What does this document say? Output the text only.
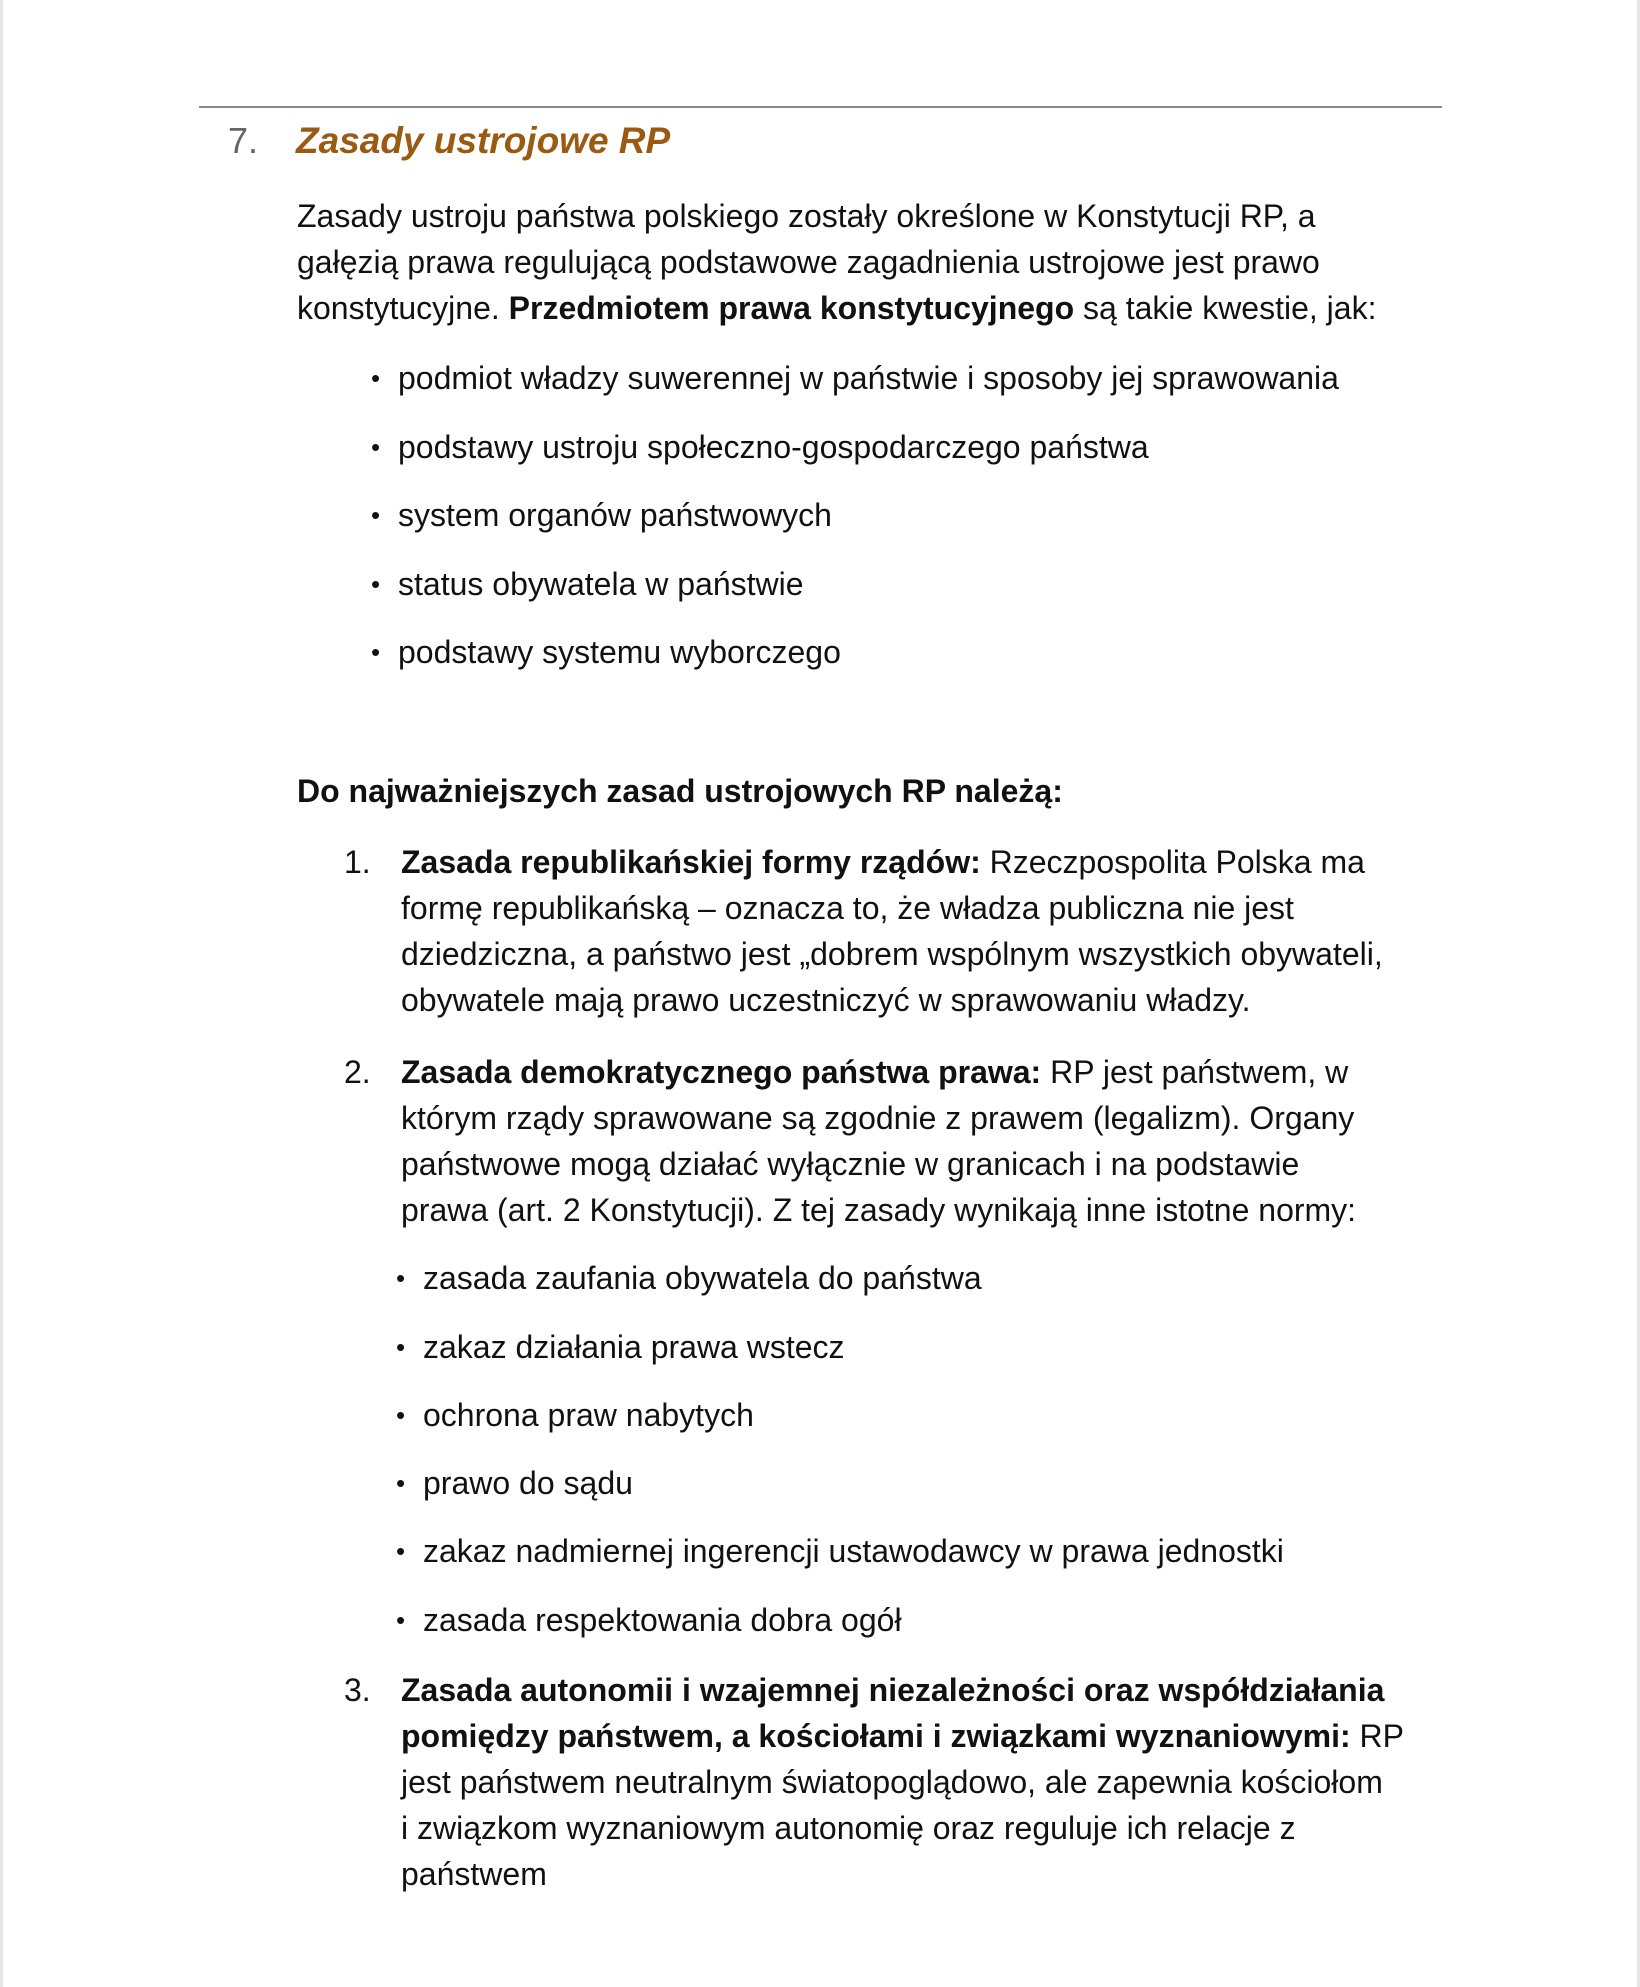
7. Zasady ustrojowe RP
Zasady ustroju państwa polskiego zostały określone w Konstytucji RP, a
gałęzią prawa regulującą podstawowe zagadnienia ustrojowe jest prawo
konstytucyjne. Przedmiotem prawa konstytucyjnego są takie kwestie, jak:
• podmiot władzy suwerennej w państwie i sposoby jej sprawowania
• podstawy ustroju społeczno-gospodarczego państwa
• system organów państwowych
• status obywatela w państwie
• podstawy systemu wyborczego
Do najważniejszych zasad ustrojowych RP należą:
1. Zasada republikańskiej formy rządów: Rzeczpospolita Polska ma
formę republikańską – oznacza to, że władza publiczna nie jest
dziedziczna, a państwo jest „dobrem wspólnym wszystkich obywateli,
obywatele mają prawo uczestniczyć w sprawowaniu władzy.
2. Zasada demokratycznego państwa prawa: RP jest państwem, w
którym rządy sprawowane są zgodnie z prawem (legalizm). Organy
państwowe mogą działać wyłącznie w granicach i na podstawie
prawa (art. 2 Konstytucji). Z tej zasady wynikają inne istotne normy:
• zasada zaufania obywatela do państwa
• zakaz działania prawa wstecz
• ochrona praw nabytych
• prawo do sądu
• zakaz nadmiernej ingerencji ustawodawcy w prawa jednostki
• zasada respektowania dobra ogół
3. Zasada autonomii i wzajemnej niezależności oraz współdziałania
pomiędzy państwem, a kościołami i związkami wyznaniowymi: RP
jest państwem neutralnym światopoglądowo, ale zapewnia kościołom
i związkom wyznaniowym autonomię oraz reguluje ich relacje z
państwem
